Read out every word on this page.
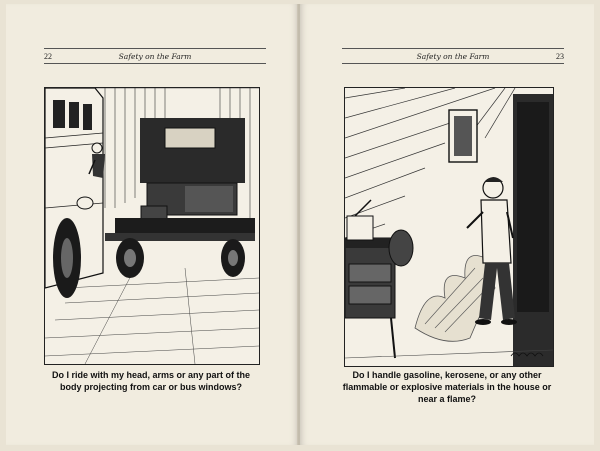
22	Safety on the Farm
Do I ride with my head, arms or any part of the body projecting from car or bus windows?
Safety on the Farm	23
Do I handle gasoline, kerosene, or any other flammable or explosive materials in the house or near a flame?
